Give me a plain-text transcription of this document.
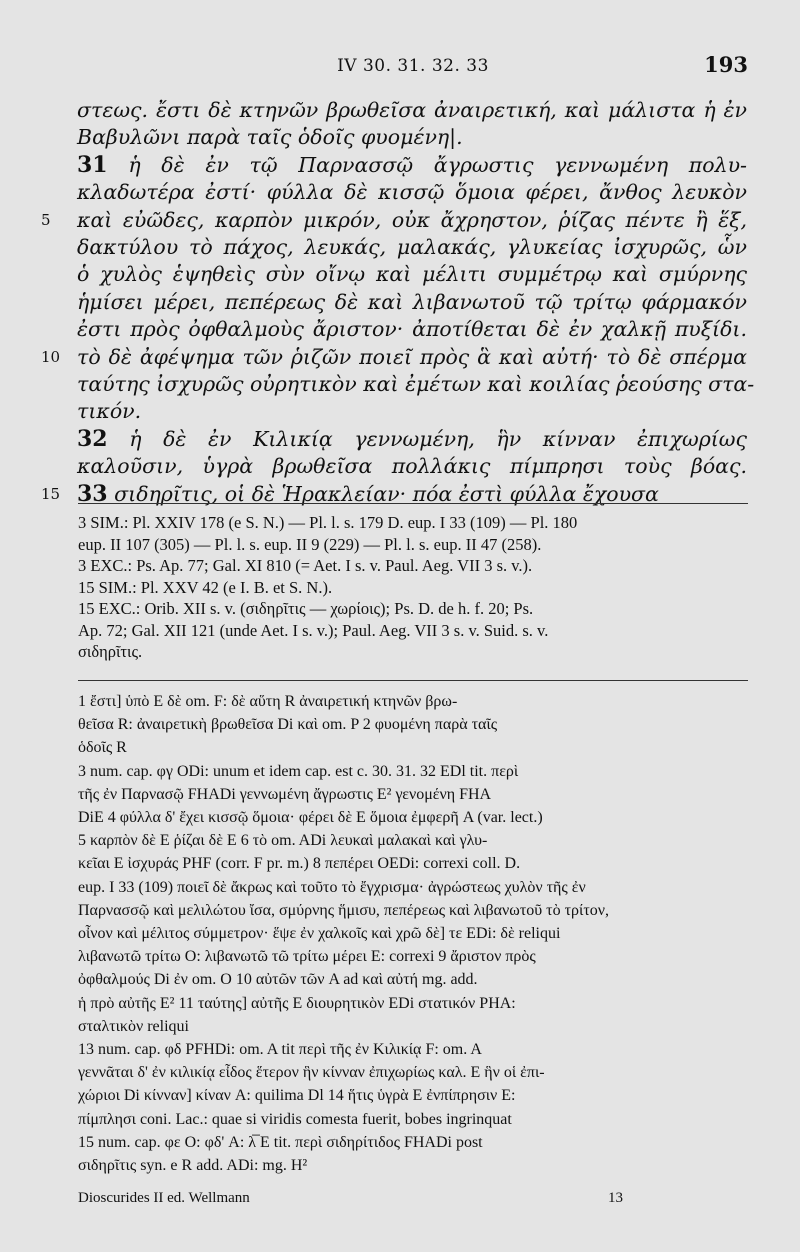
IV 30. 31. 32. 33	193
στεως. ἔστι δὲ κτηνῶν βρωθεῖσα ἀναιρετική, καὶ μάλιστα ἡ ἐν
Βαβυλῶνι παρὰ ταῖς ὁδοῖς φυομένη|.
31 ἡ δὲ ἐν τῷ Παρνασσῷ ἄγρωστις γεννωμένη πολυ-
κλαδωτέρα ἐστί· φύλλα δὲ κισσῷ ὅμοια φέρει, ἄνθος λευκὸν
5 καὶ εὐῶδες, καρπὸν μικρόν, οὐκ ἄχρηστον, ῥίζας πέντε ἢ ἕξ,
δακτύλου τὸ πάχος, λευκάς, μαλακάς, γλυκείας ἰσχυρῶς, ὧν
ὁ χυλὸς ἑψηθεὶς σὺν οἴνῳ καὶ μέλιτι συμμέτρῳ καὶ σμύρνης
ἡμίσει μέρει, πεπέρεως δὲ καὶ λιβανωτοῦ τῷ τρίτῳ φάρμακόν
ἐστι πρὸς ὀφθαλμοὺς ἄριστον· ἀποτίθεται δὲ ἐν χαλκῇ πυξίδι.
10 τὸ δὲ ἀφέψημα τῶν ῥιζῶν ποιεῖ πρὸς ἃ καὶ αὐτή· τὸ δὲ σπέρμα
ταύτης ἰσχυρῶς οὐρητικὸν καὶ ἐμέτων καὶ κοιλίας ῥεούσης στα-
τικόν.
32 ἡ δὲ ἐν Κιλικίᾳ γεννωμένη, ἣν κίνναν ἐπιχωρίως
καλοῦσιν, ὑγρὰ βρωθεῖσα πολλάκις πίμπρησι τοὺς βόας.
15 33 σιδηρῖτις, οἱ δὲ Ἡρακλείαν· πόα ἐστὶ φύλλα ἔχουσα
3 SIM.: Pl. XXIV 178 (e S. N.) — Pl. l. s. 179 D. eup. I 33 (109) — Pl. 180
eup. II 107 (305) — Pl. l. s. eup. II 9 (229) — Pl. l. s. eup. II 47 (258).
3 EXC.: Ps. Ap. 77; Gal. XI 810 (= Aet. I s. v. Paul. Aeg. VII 3 s. v.).
15 SIM.: Pl. XXV 42 (e I. B. et S. N.).
15 EXC.: Orib. XII s. v. (σιδηρῖτις — χωρίοις); Ps. D. de h. f. 20; Ps.
Ap. 72; Gal. XII 121 (unde Aet. I s. v.); Paul. Aeg. VII 3 s. v. Suid. s. v.
σιδηρῖτις.
1 ἔστι] ὑπὸ E δὲ om. F: δὲ αὕτη R ἀναιρετική κτηνῶν βρω-
θεῖσα R: ἀναιρετικὴ βρωθεῖσα Di καὶ om. P 2 φυομένη παρὰ ταῖς
ὁδοῖς R
3 num. cap. φγ ODi: unum et idem cap. est c. 30. 31. 32 EDl tit. περὶ
τῆς ἐν Παρνασῷ FHADi γεννωμένη ἄγρωστις E² γενομένη FHA
DiE 4 φύλλα δ' ἔχει κισσῷ ὅμοια· φέρει δὲ E ὅμοια ἐμφερῆ A (var. lect.)
5 καρπὸν δὲ E ῥίζαι δὲ E 6 τὸ om. ADi λευκαὶ μαλακαὶ καὶ γλυ-
κεῖαι E ἰσχυράς PHF (corr. F pr. m.) 8 πεπέρει OEDi: correxi coll. D.
eup. I 33 (109) ποιεῖ δὲ ἄκρως καὶ τοῦτο τὸ ἔγχρισμα· ἀγρώστεως χυλὸν τῆς ἐν
Παρνασσῷ καὶ μελιλώτου ἴσα, σμύρνης ἥμισυ, πεπέρεως καὶ λιβανωτοῦ τὸ τρίτον,
οἶνον καὶ μέλιτος σύμμετρον· ἕψε ἐν χαλκοῖς καὶ χρῶ δὲ] τε EDi: δὲ reliqui
λιβανωτῶ τρίτω O: λιβανωτῶ τῶ τρίτω μέρει E: correxi 9 ἄριστον πρὸς
ὀφθαλμούς Di ἐν om. O 10 αὐτῶν τῶν A ad καὶ αὐτή mg. add.
ἡ πρὸ αὐτῆς E² 11 ταύτης] αὐτῆς E διουρητικὸν EDi στατικόν PHA:
σταλτικὸν reliqui
13 num. cap. φδ PFHDi: om. A tit περὶ τῆς ἐν Κιλικίᾳ F: om. A
γεννᾶται δ' ἐν κιλικίᾳ εἶδος ἕτερον ἣν κίνναν ἐπιχωρίως καλ. E ἣν οἱ ἐπι-
χώριοι Di κίνναν] κίναν A: quilima Dl 14 ἥτις ὑγρὰ E ἐνπίπρησιν E:
πίμπλησι coni. Lac.: quae si viridis comesta fuerit, bobes ingrinquat
15 num. cap. φε O: φδ' A: λ̅ E tit. περὶ σιδηρίτιδος FHADi post
σιδηρῖτις syn. e R add. ADi: mg. H²
Dioscurides II ed. Wellmann	13
